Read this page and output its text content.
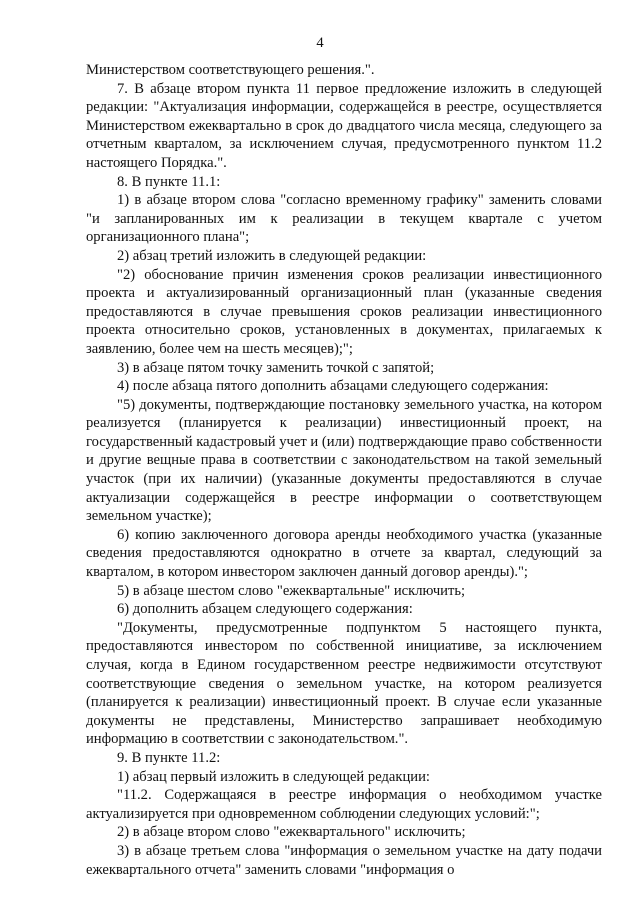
4

Министерством соответствующего решения.".

7. В абзаце втором пункта 11 первое предложение изложить в следующей редакции: "Актуализация информации, содержащейся в реестре, осуществляется Министерством ежеквартально в срок до двадцатого числа месяца, следующего за отчетным кварталом, за исключением случая, предусмотренного пунктом 11.2 настоящего Порядка.".

8. В пункте 11.1:

1) в абзаце втором слова "согласно временному графику" заменить словами "и запланированных им к реализации в текущем квартале с учетом организационного плана";

2) абзац третий изложить в следующей редакции:

"2) обоснование причин изменения сроков реализации инвестиционного проекта и актуализированный организационный план (указанные сведения предоставляются в случае превышения сроков реализации инвестиционного проекта относительно сроков, установленных в документах, прилагаемых к заявлению, более чем на шесть месяцев);";

3) в абзаце пятом точку заменить точкой с запятой;

4) после абзаца пятого дополнить абзацами следующего содержания:

"5) документы, подтверждающие постановку земельного участка, на котором реализуется (планируется к реализации) инвестиционный проект, на государственный кадастровый учет и (или) подтверждающие право собственности и другие вещные права в соответствии с законодательством на такой земельный участок (при их наличии) (указанные документы предоставляются в случае актуализации содержащейся в реестре информации о соответствующем земельном участке);

6) копию заключенного договора аренды необходимого участка (указанные сведения предоставляются однократно в отчете за квартал, следующий за кварталом, в котором инвестором заключен данный договор аренды).";

5) в абзаце шестом слово "ежеквартальные" исключить;

6) дополнить абзацем следующего содержания:

"Документы, предусмотренные подпунктом 5 настоящего пункта, предоставляются инвестором по собственной инициативе, за исключением случая, когда в Едином государственном реестре недвижимости отсутствуют соответствующие сведения о земельном участке, на котором реализуется (планируется к реализации) инвестиционный проект. В случае если указанные документы не представлены, Министерство запрашивает необходимую информацию в соответствии с законодательством.".

9. В пункте 11.2:

1) абзац первый изложить в следующей редакции:

"11.2. Содержащаяся в реестре информация о необходимом участке актуализируется при одновременном соблюдении следующих условий:";

2) в абзаце втором слово "ежеквартального" исключить;

3) в абзаце третьем слова "информация о земельном участке на дату подачи ежеквартального отчета" заменить словами "информация о
